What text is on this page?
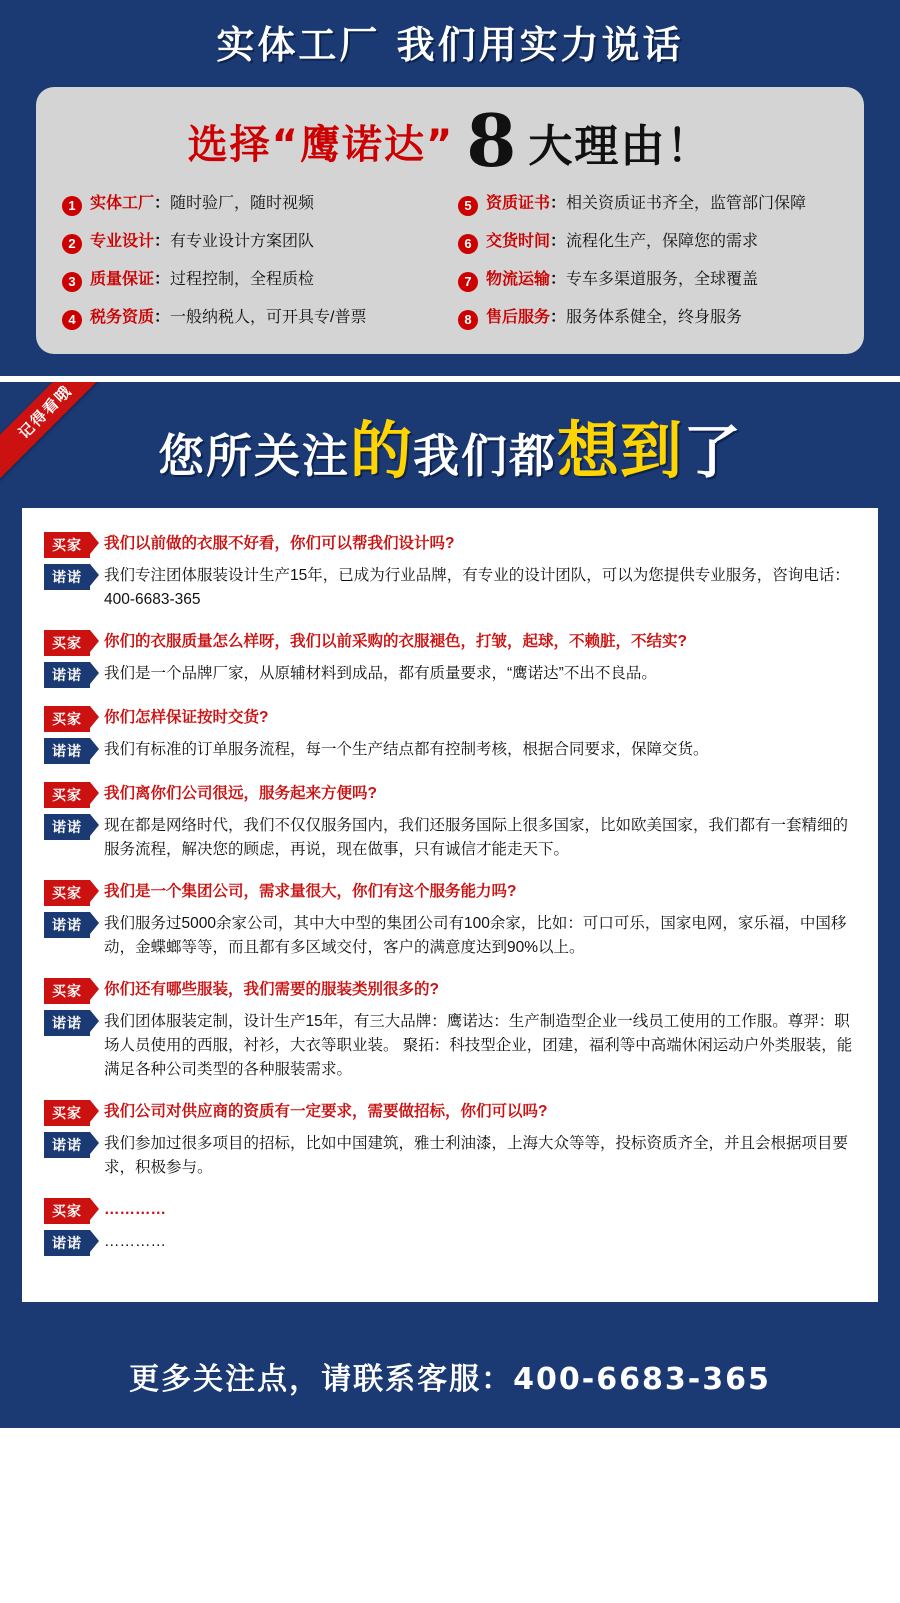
实体工厂 我们用实力说话
选择“鹰诺达” 8 大理由！
1 实体工厂：随时验厂，随时视频	5 资质证书：相关资质证书齐全，监管部门保障
2 专业设计：有专业设计方案团队	6 交货时间：流程化生产，保障您的需求
3 质量保证：过程控制，全程质检	7 物流运输：专车多渠道服务，全球覆盖
4 税务资质：一般纳税人，可开具专/普票	8 售后服务：服务体系健全，终身服务
记得看哦
您所关注的我们都想到了
买家	我们以前做的衣服不好看，你们可以帮我们设计吗?
诺诺	我们专注团体服装设计生产15年，已成为行业品牌，有专业的设计团队，可以为您提供专业服务，咨询电话：400-6683-365
买家	你们的衣服质量怎么样呀，我们以前采购的衣服褪色，打皱，起球，不赖脏，不结实?
诺诺	我们是一个品牌厂家，从原辅材料到成品，都有质量要求，“鹰诺达”不出不良品。
买家	你们怎样保证按时交货?
诺诺	我们有标准的订单服务流程，每一个生产结点都有控制考核，根据合同要求，保障交货。
买家	我们离你们公司很远，服务起来方便吗?
诺诺	现在都是网络时代，我们不仅仅服务国内，我们还服务国际上很多国家，比如欧美国家，我们都有一套精细的服务流程，解决您的顾虑，再说，现在做事，只有诚信才能走天下。
买家	我们是一个集团公司，需求量很大，你们有这个服务能力吗?
诺诺	我们服务过5000余家公司，其中大中型的集团公司有100余家，比如：可口可乐，国家电网，家乐福，中国移动，金蝶螂等等，而且都有多区域交付，客户的满意度达到90%以上。
买家	你们还有哪些服装，我们需要的服装类别很多的?
诺诺	我们团体服装定制，设计生产15年，有三大品牌：鹰诺达：生产制造型企业一线员工使用的工作服。尊羿：职场人员使用的西服，衬衫，大衣等职业装。 聚拓：科技型企业，团建，福利等中高端休闲运动户外类服装，能满足各种公司类型的各种服装需求。
买家	我们公司对供应商的资质有一定要求，需要做招标，你们可以吗?
诺诺	我们参加过很多项目的招标，比如中国建筑，雅士利油漆，上海大众等等，投标资质齐全，并且会根据项目要求，积极参与。
买家	…………
诺诺	…………
更多关注点，请联系客服：400-6683-365
